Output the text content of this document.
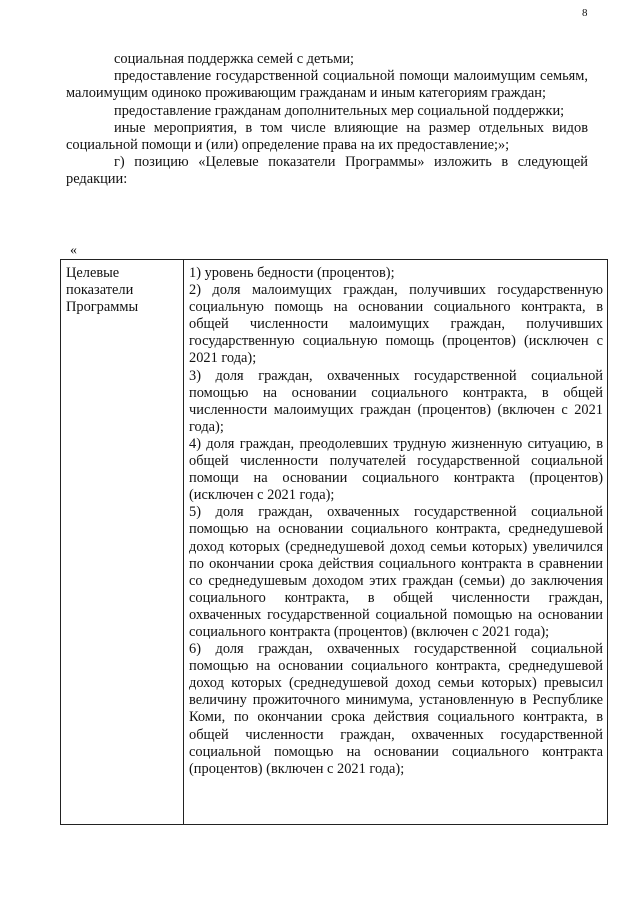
8

социальная поддержка семей с детьми;

предоставление государственной социальной помощи малоимущим семьям, малоимущим одиноко проживающим гражданам и иным категориям граждан;

предоставление гражданам дополнительных мер социальной поддержки;

иные мероприятия, в том числе влияющие на размер отдельных видов социальной помощи и (или) определение права на их предоставление;»;

г) позицию «Целевые показатели Программы» изложить в следующей редакции:

«
Целевые показатели Программы	

1) уровень бедности (процентов);

2) доля малоимущих граждан, получивших государственную социальную помощь на основании социального контракта, в общей численности малоимущих граждан, получивших государственную социальную помощь (процентов) (исключен с 2021 года);

3) доля граждан, охваченных государственной социальной помощью на основании социального контракта, в общей численности малоимущих граждан (процентов) (включен с 2021 года);

4) доля граждан, преодолевших трудную жизненную ситуацию, в общей численности получателей государственной социальной помощи на основании социального контракта (процентов) (исключен с 2021 года);

5) доля граждан, охваченных государственной социальной помощью на основании социального контракта, среднедушевой доход которых (среднедушевой доход семьи которых) увеличился по окончании срока действия социального контракта в сравнении со среднедушевым доходом этих граждан (семьи) до заключения социального контракта, в общей численности граждан, охваченных государственной социальной помощью на основании социального контракта (процентов) (включен с 2021 года);

6) доля граждан, охваченных государственной социальной помощью на основании социального контракта, среднедушевой доход которых (среднедушевой доход семьи которых) превысил величину прожиточного минимума, установленную в Республике Коми, по окончании срока действия социального контракта, в общей численности граждан, охваченных государственной социальной помощью на основании социального контракта (процентов) (включен с 2021 года);
